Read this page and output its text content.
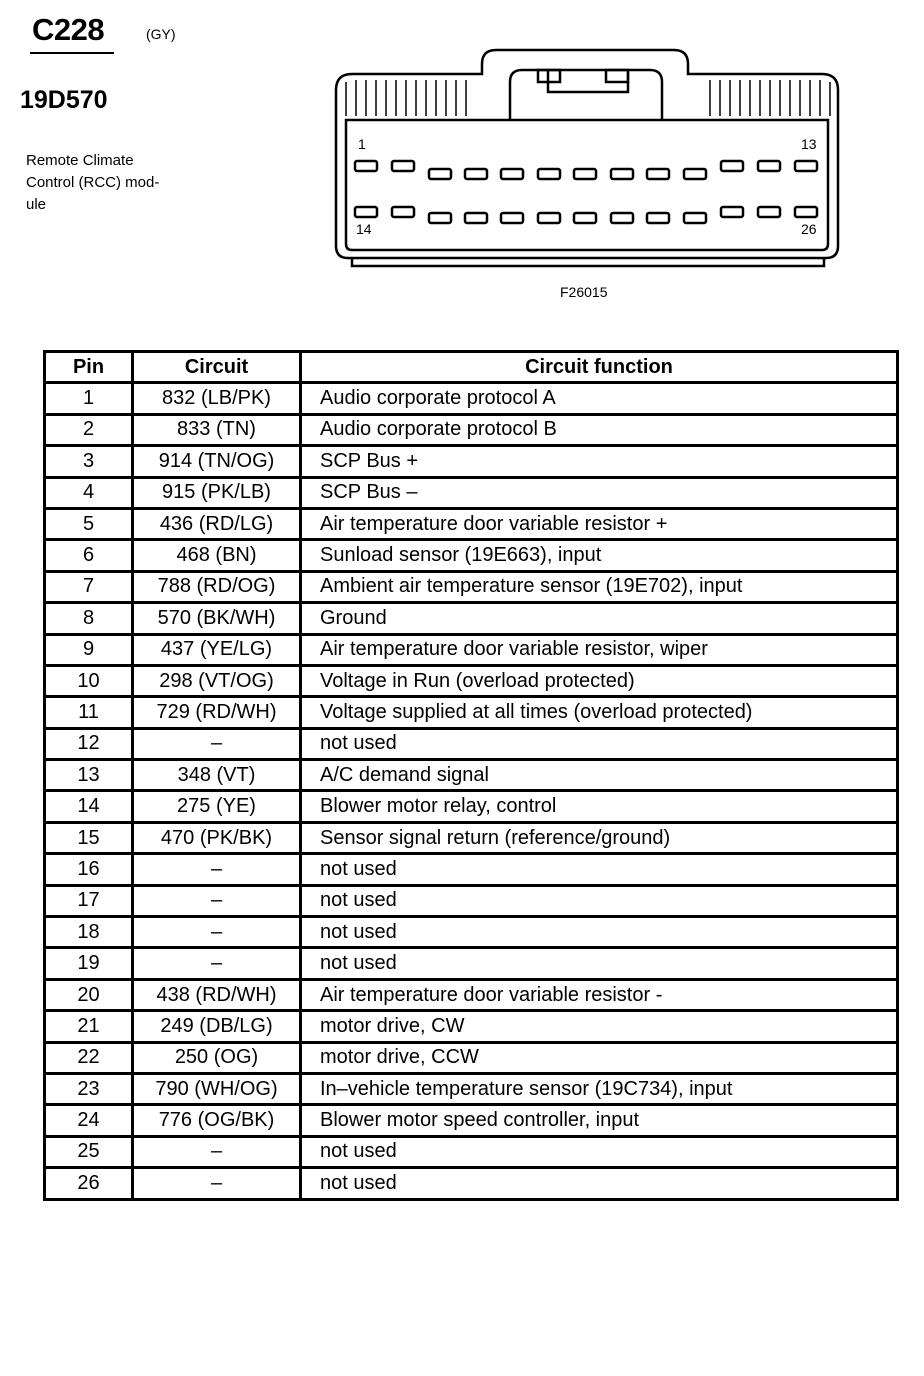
C228	(GY)
19D570
Remote Climate
Control (RCC) mod-
ule
1	13
14	26
F26015
Pin	Circuit	Circuit function
1	832 (LB/PK)	Audio corporate protocol A
2	833 (TN)	Audio corporate protocol B
3	914 (TN/OG)	SCP Bus +
4	915 (PK/LB)	SCP Bus –
5	436 (RD/LG)	Air temperature door variable resistor +
6	468 (BN)	Sunload sensor (19E663), input
7	788 (RD/OG)	Ambient air temperature sensor (19E702), input
8	570 (BK/WH)	Ground
9	437 (YE/LG)	Air temperature door variable resistor, wiper
10	298 (VT/OG)	Voltage in Run (overload protected)
11	729 (RD/WH)	Voltage supplied at all times (overload protected)
12	–	not used
13	348 (VT)	A/C demand signal
14	275 (YE)	Blower motor relay, control
15	470 (PK/BK)	Sensor signal return (reference/ground)
16	–	not used
17	–	not used
18	–	not used
19	–	not used
20	438 (RD/WH)	Air temperature door variable resistor -
21	249 (DB/LG)	motor drive, CW
22	250 (OG)	motor drive, CCW
23	790 (WH/OG)	In–vehicle temperature sensor (19C734), input
24	776 (OG/BK)	Blower motor speed controller, input
25	–	not used
26	–	not used
